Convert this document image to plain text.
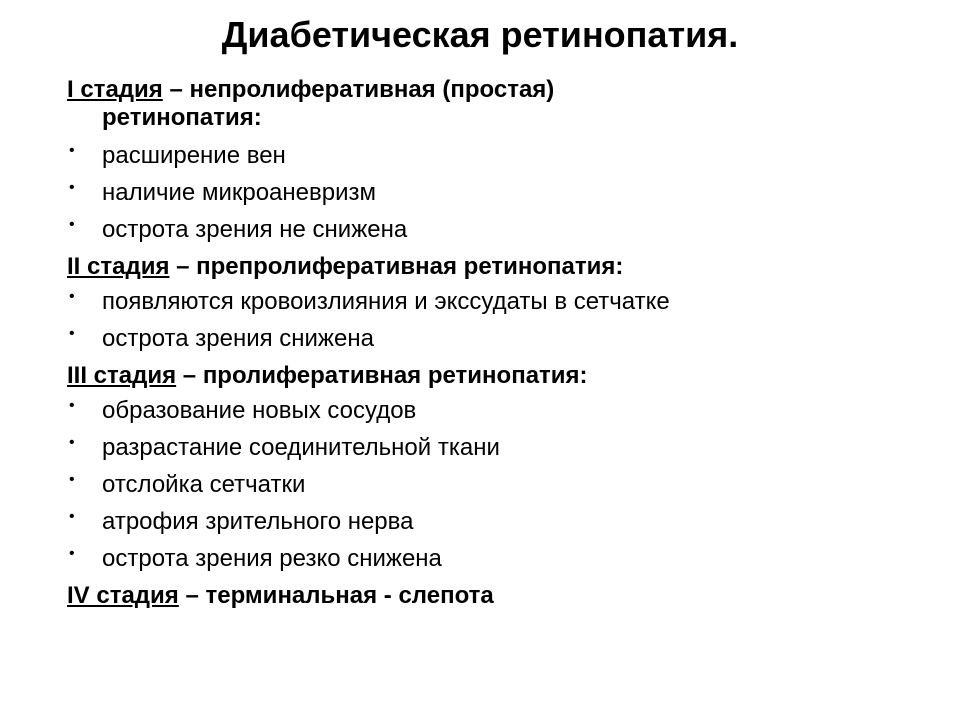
Диабетическая ретинопатия.

I стадия – непролиферативная (простая)
ретинопатия:

• расширение вен
• наличие микроаневризм
• острота зрения не снижена

II стадия – препролиферативная ретинопатия:

• появляются кровоизлияния и экссудаты в сетчатке
• острота зрения снижена

III стадия – пролиферативная ретинопатия:

• образование новых сосудов
• разрастание соединительной ткани
• отслойка сетчатки
• атрофия зрительного нерва
• острота зрения резко снижена

IV стадия – терминальная - слепота
